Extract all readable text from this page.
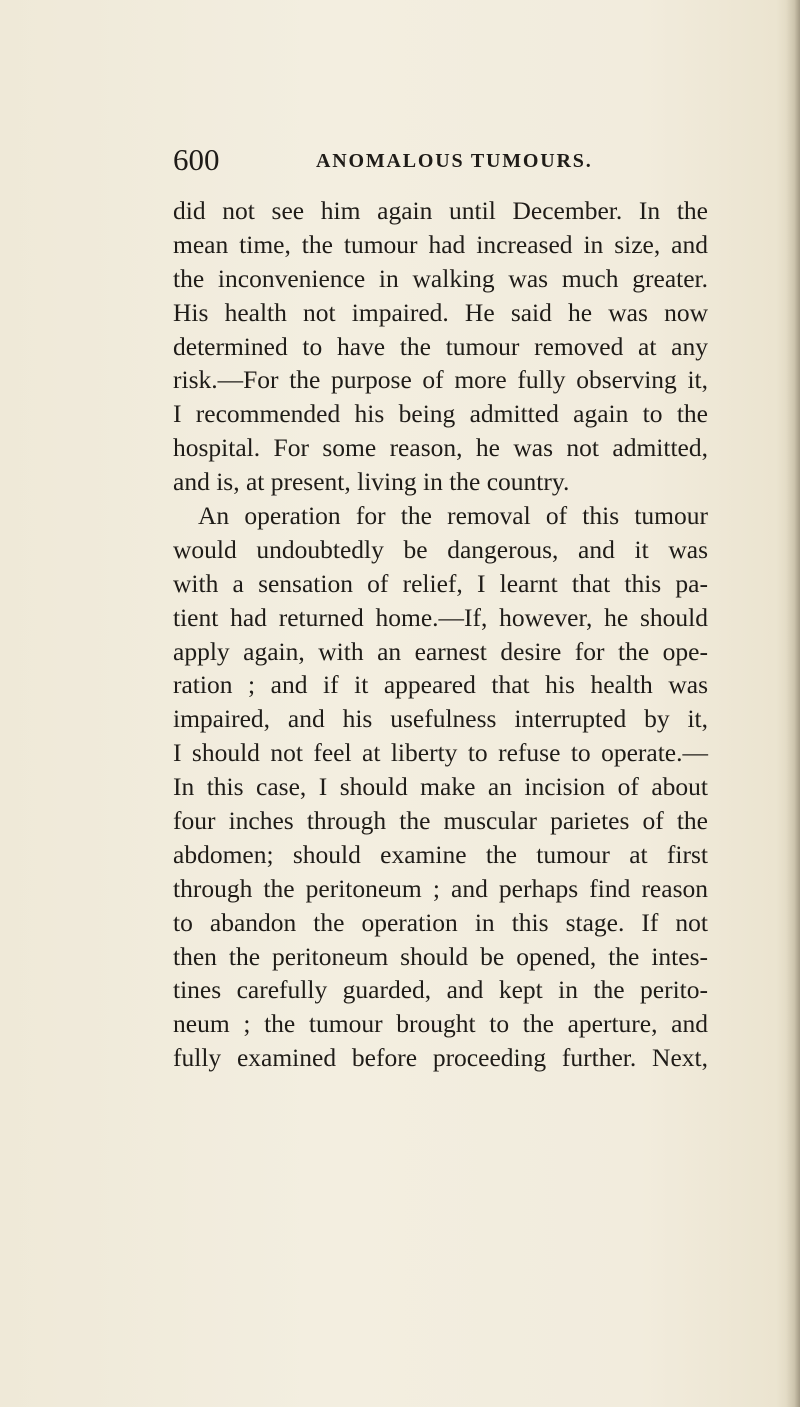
600	ANOMALOUS TUMOURS.
did not see him again until December. In the
mean time, the tumour had increased in size, and
the inconvenience in walking was much greater.
His health not impaired. He said he was now
determined to have the tumour removed at any
risk.—For the purpose of more fully observing it,
I recommended his being admitted again to the
hospital. For some reason, he was not admitted,
and is, at present, living in the country.
An operation for the removal of this tumour
would undoubtedly be dangerous, and it was
with a sensation of relief, I learnt that this pa-
tient had returned home.—If, however, he should
apply again, with an earnest desire for the ope-
ration ; and if it appeared that his health was
impaired, and his usefulness interrupted by it,
I should not feel at liberty to refuse to operate.—
In this case, I should make an incision of about
four inches through the muscular parietes of the
abdomen; should examine the tumour at first
through the peritoneum ; and perhaps find reason
to abandon the operation in this stage. If not
then the peritoneum should be opened, the intes-
tines carefully guarded, and kept in the perito-
neum ; the tumour brought to the aperture, and
fully examined before proceeding further. Next,
